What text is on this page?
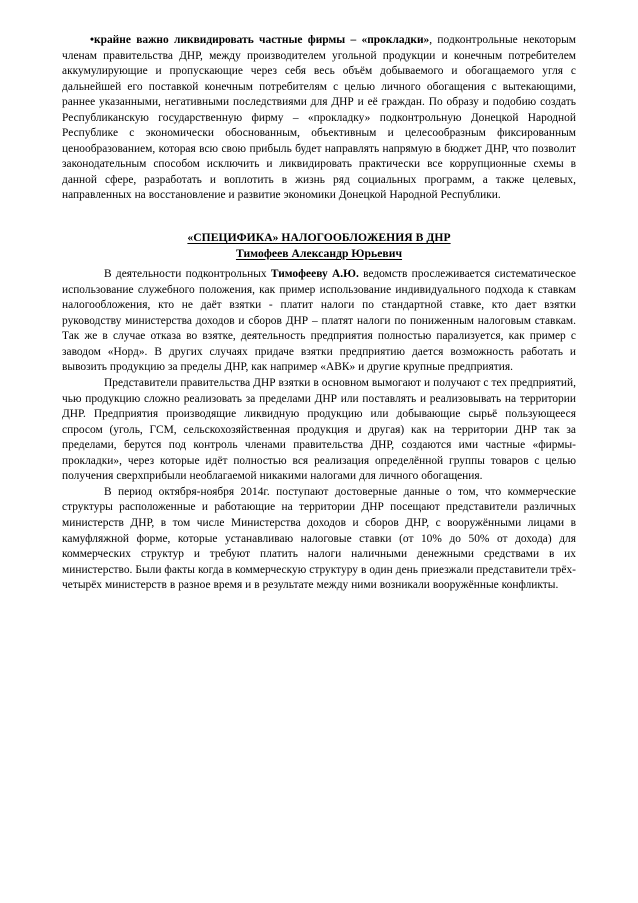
•крайне важно ликвидировать частные фирмы – «прокладки», подконтрольные некоторым членам правительства ДНР, между производителем угольной продукции и конечным потребителем аккумулирующие и пропускающие через себя весь объём добываемого и обогащаемого угля с дальнейшей его поставкой конечным потребителям с целью личного обогащения с вытекающими, раннее указанными, негативными последствиями для ДНР и её граждан. По образу и подобию создать Республиканскую государственную фирму – «прокладку» подконтрольную Донецкой Народной Республике с экономически обоснованным, объективным и целесообразным фиксированным ценообразованием, которая всю свою прибыль будет направлять напрямую в бюджет ДНР, что позволит законодательным способом исключить и ликвидировать практически все коррупционные схемы в данной сфере, разработать и воплотить в жизнь ряд социальных программ, а также целевых, направленных на восстановление и развитие экономики Донецкой Народной Республики.

«СПЕЦИФИКА» НАЛОГООБЛОЖЕНИЯ В ДНР

Тимофеев Александр Юрьевич

В деятельности подконтрольных Тимофееву А.Ю. ведомств прослеживается систематическое использование служебного положения, как пример использование индивидуального подхода к ставкам налогообложения, кто не даёт взятки - платит налоги по стандартной ставке, кто дает взятки руководству министерства доходов и сборов ДНР – платят налоги по пониженным налоговым ставкам. Так же в случае отказа во взятке, деятельность предприятия полностью парализуется, как пример с заводом «Норд». В других случаях придаче взятки предприятию дается возможность работать и вывозить продукцию за пределы ДНР, как например «АВК» и другие крупные предприятия.

Представители правительства ДНР взятки в основном вымогают и получают с тех предприятий, чью продукцию сложно реализовать за пределами ДНР или поставлять и реализовывать на территории ДНР. Предприятия производящие ликвидную продукцию или добывающие сырьё пользующееся спросом (уголь, ГСМ, сельскохозяйственная продукция и другая) как на территории ДНР так за пределами, берутся под контроль членами правительства ДНР, создаются ими частные «фирмы-прокладки», через которые идёт полностью вся реализация определённой группы товаров с целью получения сверхприбыли необлагаемой никакими налогами для личного обогащения.

В период октября-ноября 2014г. поступают достоверные данные о том, что коммерческие структуры расположенные и работающие на территории ДНР посещают представители различных министерств ДНР, в том числе Министерства доходов и сборов ДНР, с вооружёнными лицами в камуфляжной форме, которые устанавливаю налоговые ставки (от 10% до 50% от дохода) для коммерческих структур и требуют платить налоги наличными денежными средствами в их министерство. Были факты когда в коммерческую структуру в один день приезжали представители трёх-четырёх министерств в разное время и в результате между ними возникали вооружённые конфликты.
